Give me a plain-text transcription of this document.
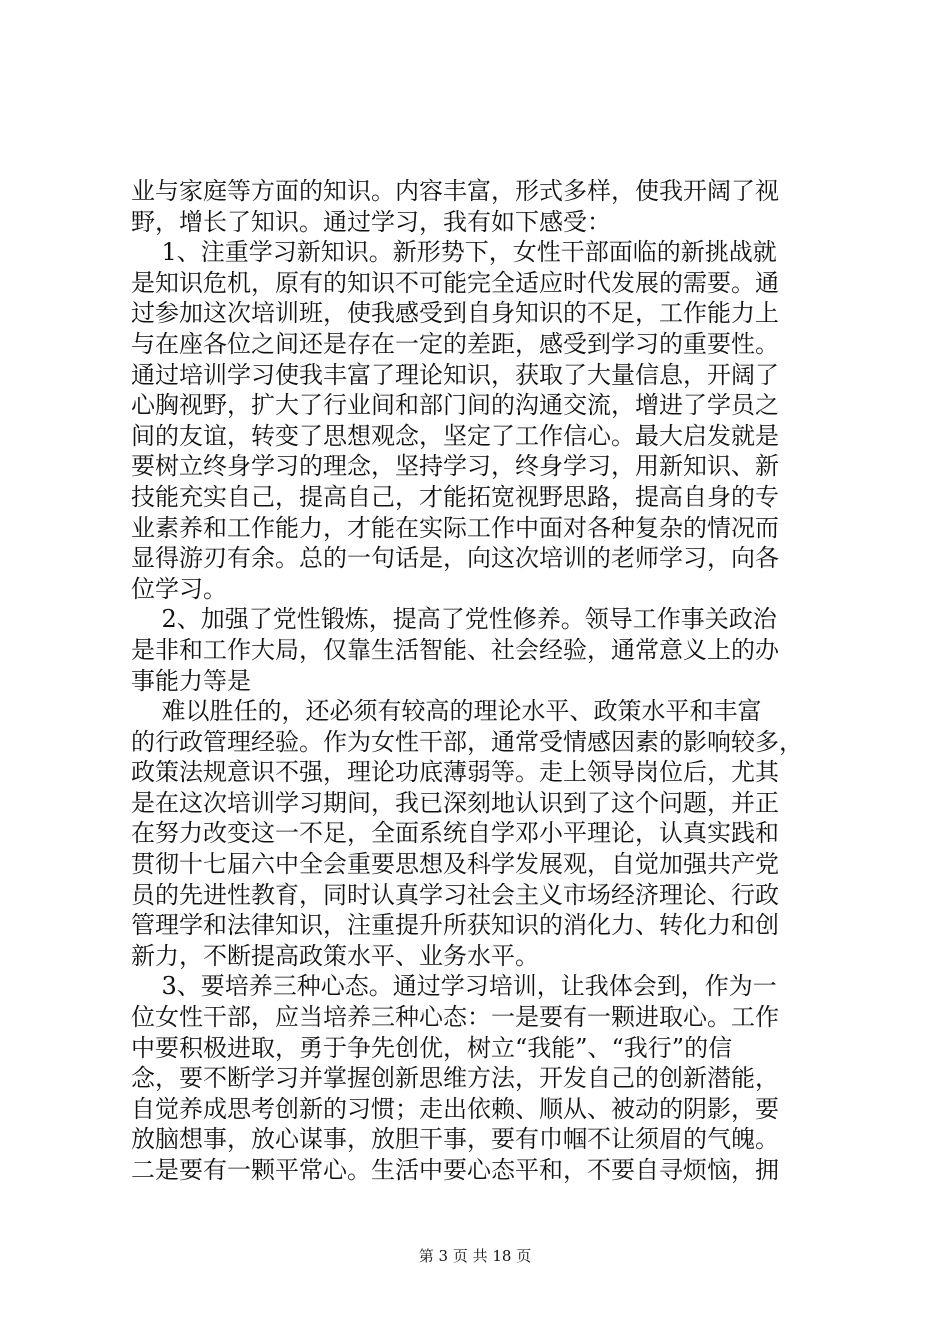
业与家庭等方面的知识。内容丰富，形式多样，使我开阔了视
野，增长了知识。通过学习，我有如下感受：
1、注重学习新知识。新形势下，女性干部面临的新挑战就
是知识危机，原有的知识不可能完全适应时代发展的需要。通
过参加这次培训班，使我感受到自身知识的不足，工作能力上
与在座各位之间还是存在一定的差距，感受到学习的重要性。
通过培训学习使我丰富了理论知识，获取了大量信息，开阔了
心胸视野，扩大了行业间和部门间的沟通交流，增进了学员之
间的友谊，转变了思想观念，坚定了工作信心。最大启发就是
要树立终身学习的理念，坚持学习，终身学习，用新知识、新
技能充实自己，提高自己，才能拓宽视野思路，提高自身的专
业素养和工作能力，才能在实际工作中面对各种复杂的情况而
显得游刃有余。总的一句话是，向这次培训的老师学习，向各
位学习。
2、加强了党性锻炼，提高了党性修养。领导工作事关政治
是非和工作大局，仅靠生活智能、社会经验，通常意义上的办
事能力等是
难以胜任的，还必须有较高的理论水平、政策水平和丰富
的行政管理经验。作为女性干部，通常受情感因素的影响较多，
政策法规意识不强，理论功底薄弱等。走上领导岗位后，尤其
是在这次培训学习期间，我已深刻地认识到了这个问题，并正
在努力改变这一不足，全面系统自学邓小平理论，认真实践和
贯彻十七届六中全会重要思想及科学发展观，自觉加强共产党
员的先进性教育，同时认真学习社会主义市场经济理论、行政
管理学和法律知识，注重提升所获知识的消化力、转化力和创
新力，不断提高政策水平、业务水平。
3、要培养三种心态。通过学习培训，让我体会到，作为一
位女性干部，应当培养三种心态：一是要有一颗进取心。工作
中要积极进取，勇于争先创优，树立“我能”、“我行”的信
念，要不断学习并掌握创新思维方法，开发自己的创新潜能，
自觉养成思考创新的习惯；走出依赖、顺从、被动的阴影，要
放脑想事，放心谋事，放胆干事，要有巾帼不让须眉的气魄。
二是要有一颗平常心。生活中要心态平和，不要自寻烦恼，拥
第 3 页 共 18 页
